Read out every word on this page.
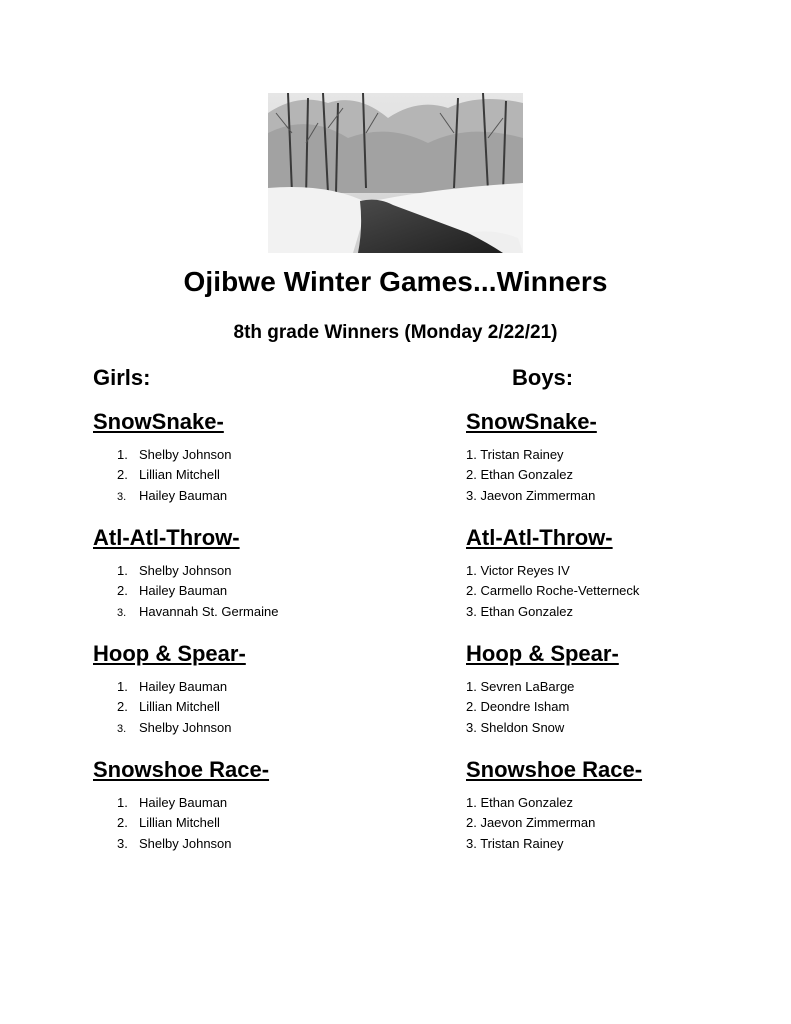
Ojibwe Winter Games...Winners
8th grade Winners (Monday 2/22/21)
Girls:
SnowSnake-
1. Shelby Johnson
2. Lillian Mitchell
3. Hailey Bauman
Atl-Atl-Throw-
1. Shelby Johnson
2. Hailey Bauman
3. Havannah St. Germaine
Hoop & Spear-
1. Hailey Bauman
2. Lillian Mitchell
3. Shelby Johnson
Snowshoe Race-
1. Hailey Bauman
2. Lillian Mitchell
3. Shelby Johnson
Boys:
SnowSnake-
1. Tristan Rainey
2. Ethan Gonzalez
3. Jaevon Zimmerman
Atl-Atl-Throw-
1. Victor Reyes IV
2. Carmello Roche-Vetterneck
3. Ethan Gonzalez
Hoop & Spear-
1. Sevren LaBarge
2. Deondre Isham
3. Sheldon Snow
Snowshoe Race-
1. Ethan Gonzalez
2. Jaevon Zimmerman
3. Tristan Rainey
